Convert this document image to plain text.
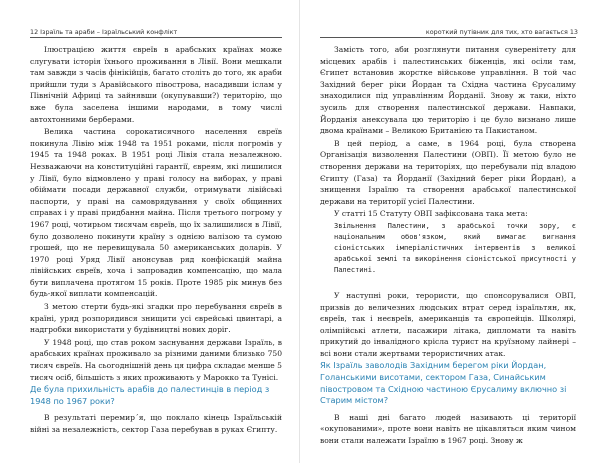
12 Ізраїль та араби – Ізраїльський конфлікт

Ілюстрацією життя євреїв в арабських країнах може слугувати історія їхнього проживання в Лівії. Вони мешкали там завжди з часів фінікійців, багато століть до того, як араби прийшли туди з Аравійського півострова, насадивши іслам у Північній Африці та зайнявши (окупувавши?) територію, що вже була заселена іншими народами, в тому числі автохтонними берберами.

Велика частина сорокатисячного населення євреїв покинула Лівію між 1948 та 1951 роками, після погромів у 1945 та 1948 роках. В 1951 році Лівія стала незалежною. Незважаючи на конституційні гарантії, євреям, які лишилися у Лівії, було відмовлено у праві голосу на виборах, у праві обіймати посади державної служби, отримувати лівійські паспорти, у праві на самоврядування у своїх общинних справах і у праві придбання майна. Після третього погрому у 1967 році, чотирьом тисячам євреїв, що їх залишилися в Лівії, було дозволено покинути країну з однією валізою та сумою грошей, що не перевищувала 50 американських доларів. У 1970 році Уряд Лівії анонсував ряд конфіскацій майна лівійських євреїв, хоча і запровадив компенсацію, що мала бути виплачена протягом 15 років. Проте 1985 рік минув без будь-якої виплати компенсацій.

З метою стерти будь-які згадки про перебування євреїв в країні, уряд розпорядився знищити усі єврейські цвинтарі, а надгробки використати у будівництві нових доріг.

У 1948 році, що став роком заснування держави Ізраїль, в арабських країнах проживало за різними даними близько 750 тисяч євреїв. На сьогоднішній день ця цифра складає менше 5 тисяч осіб, більшість з яких проживають у Марокко та Тунісі.

Де була прихильність арабів до палестинців в період з 1948 по 1967 роки?

В результаті перемир´я, що поклало кінець Ізраїльській війні за незалежність, сектор Газа перебував в руках Єгипту.

короткий путівник для тих, хто вагається 13

Замість того, аби розглянути питання суверенітету для місцевих арабів і палестинських біженців, які осіли там, Єгипет встановив жорстке військове управління. В той час Західний берег ріки Йордан та Східна частина Єрусалиму знаходилися під управлінням Йорданії. Знову ж таки, ніхто зусиль для створення палестинської держави. Навпаки, Йорданія анексувала цю територію і це було визнано лише двома країнами – Великою Британією та Пакистаном.

В цей період, а саме, в 1964 році, була створена Організація визволення Палестини (ОВП). Її метою було не створення держави на територіях, що перебували під владою Єгипту (Газа) та Йорданії (Західний берег ріки Йордан), а знищення Ізраїлю та створення арабської палестинської держави на території усієї Палестини.

У статті 15 Статуту ОВП зафіксована така мета:

Звільнення Палестини, з арабської точки зору, є національним обов'язком, який вимагає вигнання сіоністських імперіалістичних інтервентів з великої арабської землі та викорінення сіоністської присутності у Палестині.

У наступні роки, терористи, що спонсорувалися ОВП, призвів до величезних людських втрат серед ізраїльтян, як, євреїв, так і неєвреїв, американців та європейців. Школярі, олімпійські атлети, пасажири літака, дипломати та навіть прикутий до інвалідного крісла турист на круїзному лайнері – всі вони стали жертвами терористичних атак.

Як Ізраїль заволодів Західним берегом ріки Йордан, Голанськими висотами, сектором Газа, Синайським півостровом та Східною частиною Єрусалиму включно зі Старим містом?

В наші дні багато людей називають ці території «окупованими», проте вони навіть не цікавляться яким чином вони стали належати Ізраїлю в 1967 році. Знову ж
